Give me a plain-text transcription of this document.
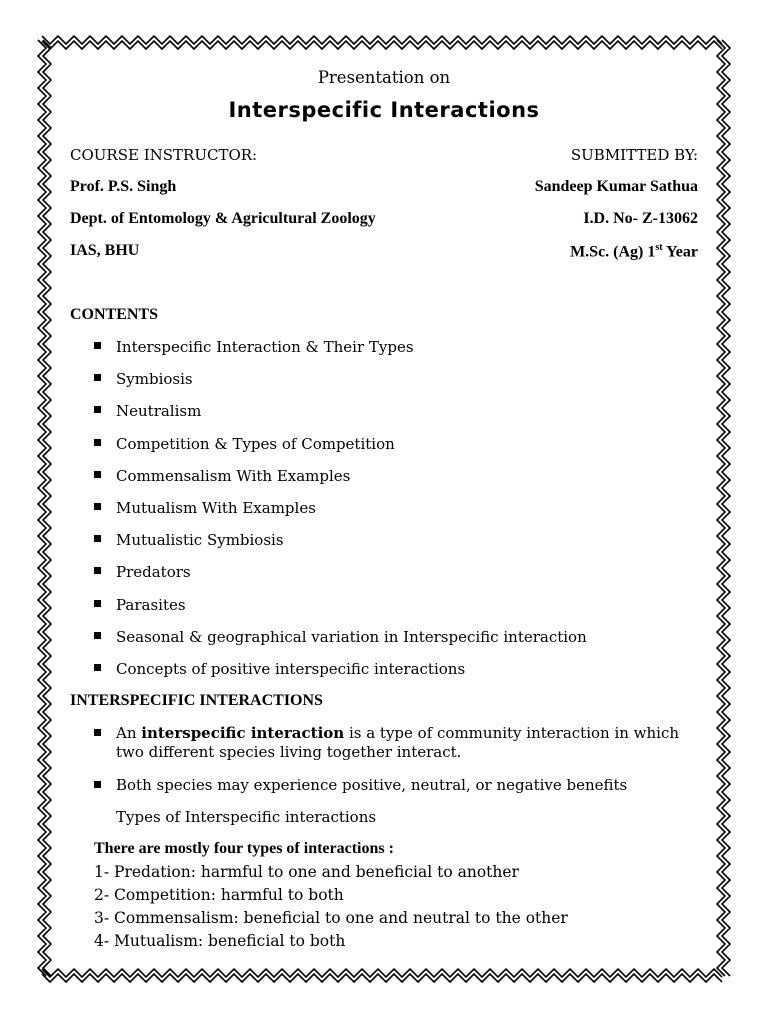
Presentation on
Interspecific Interactions
COURSE INSTRUCTOR:	SUBMITTED BY:
Prof. P.S. Singh	Sandeep Kumar Sathua
Dept. of Entomology & Agricultural Zoology	I.D. No- Z-13062
IAS, BHU	M.Sc. (Ag) 1st Year
CONTENTS
Interspecific Interaction & Their Types
Symbiosis
Neutralism
Competition & Types of Competition
Commensalism With Examples
Mutualism With Examples
Mutualistic Symbiosis
Predators
Parasites
Seasonal & geographical variation in Interspecific interaction
Concepts of positive interspecific interactions
INTERSPECIFIC INTERACTIONS
An interspecific interaction is a type of community interaction in which two different species living together interact.
Both species may experience positive, neutral, or negative benefits
Types of Interspecific interactions
There are mostly four types of interactions :
1- Predation: harmful to one and beneficial to another
2- Competition: harmful to both
3- Commensalism: beneficial to one and neutral to the other
4- Mutualism: beneficial to both
